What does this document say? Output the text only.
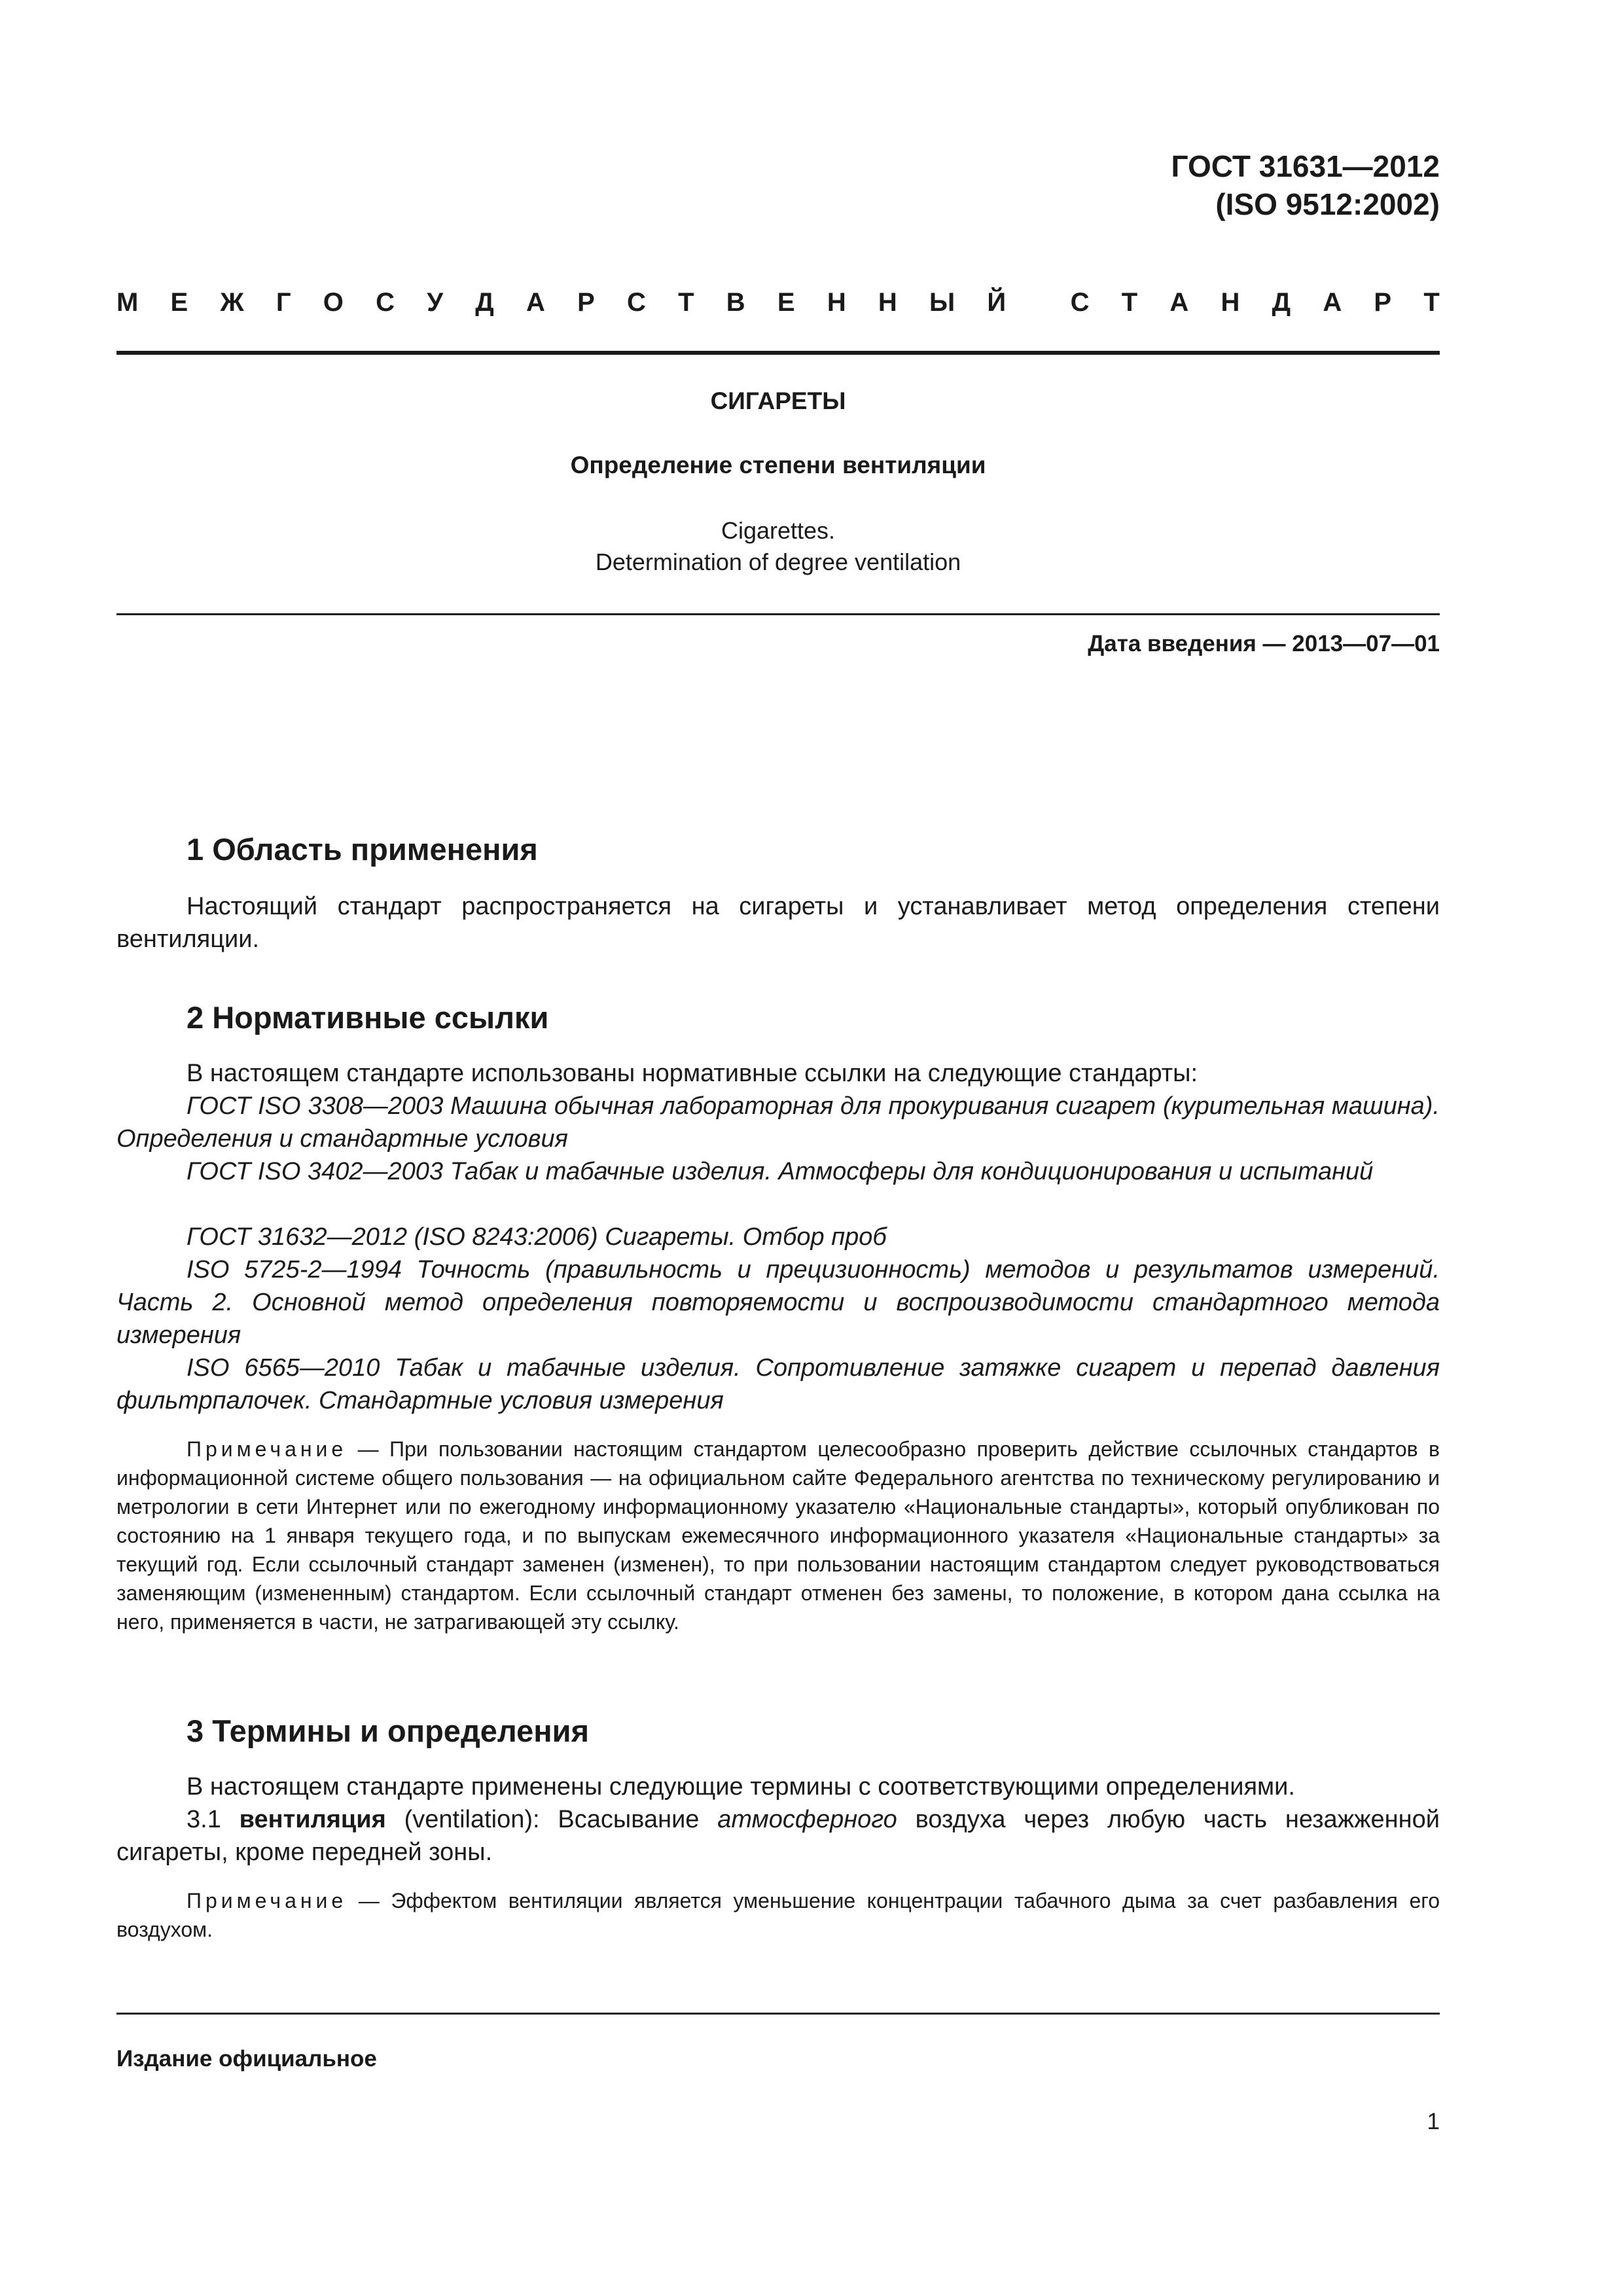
ГОСТ 31631—2012
(ISO 9512:2002)
М Е Ж Г О С У Д А Р С Т В Е Н Н Ы Й С Т А Н Д А Р Т
СИГАРЕТЫ
Определение степени вентиляции
Cigarettes.
Determination of degree ventilation
Дата введения — 2013—07—01
1 Область применения
Настоящий стандарт распространяется на сигареты и устанавливает метод определения степени вентиляции.
2 Нормативные ссылки
В настоящем стандарте использованы нормативные ссылки на следующие стандарты:
ГОСТ ISO 3308—2003 Машина обычная лабораторная для прокуривания сигарет (курительная машина). Определения и стандартные условия
ГОСТ ISO 3402—2003 Табак и табачные изделия. Атмосферы для кондиционирования и испытаний
ГОСТ 31632—2012 (ISO 8243:2006) Сигареты. Отбор проб
ISO 5725-2—1994 Точность (правильность и прецизионность) методов и результатов измерений. Часть 2. Основной метод определения повторяемости и воспроизводимости стандартного метода измерения
ISO 6565—2010 Табак и табачные изделия. Сопротивление затяжке сигарет и перепад давления фильтрпалочек. Стандартные условия измерения
Примечание — При пользовании настоящим стандартом целесообразно проверить действие ссылочных стандартов в информационной системе общего пользования — на официальном сайте Федерального агентства по техническому регулированию и метрологии в сети Интернет или по ежегодному информационному указателю «Национальные стандарты», который опубликован по состоянию на 1 января текущего года, и по выпускам ежемесячного информационного указателя «Национальные стандарты» за текущий год. Если ссылочный стандарт заменен (изменен), то при пользовании настоящим стандартом следует руководствоваться заменяющим (измененным) стандартом. Если ссылочный стандарт отменен без замены, то положение, в котором дана ссылка на него, применяется в части, не затрагивающей эту ссылку.
3 Термины и определения
В настоящем стандарте применены следующие термины с соответствующими определениями.
3.1 вентиляция (ventilation): Всасывание атмосферного воздуха через любую часть незажженной сигареты, кроме передней зоны.
Примечание — Эффектом вентиляции является уменьшение концентрации табачного дыма за счет разбавления его воздухом.
Издание официальное
1
